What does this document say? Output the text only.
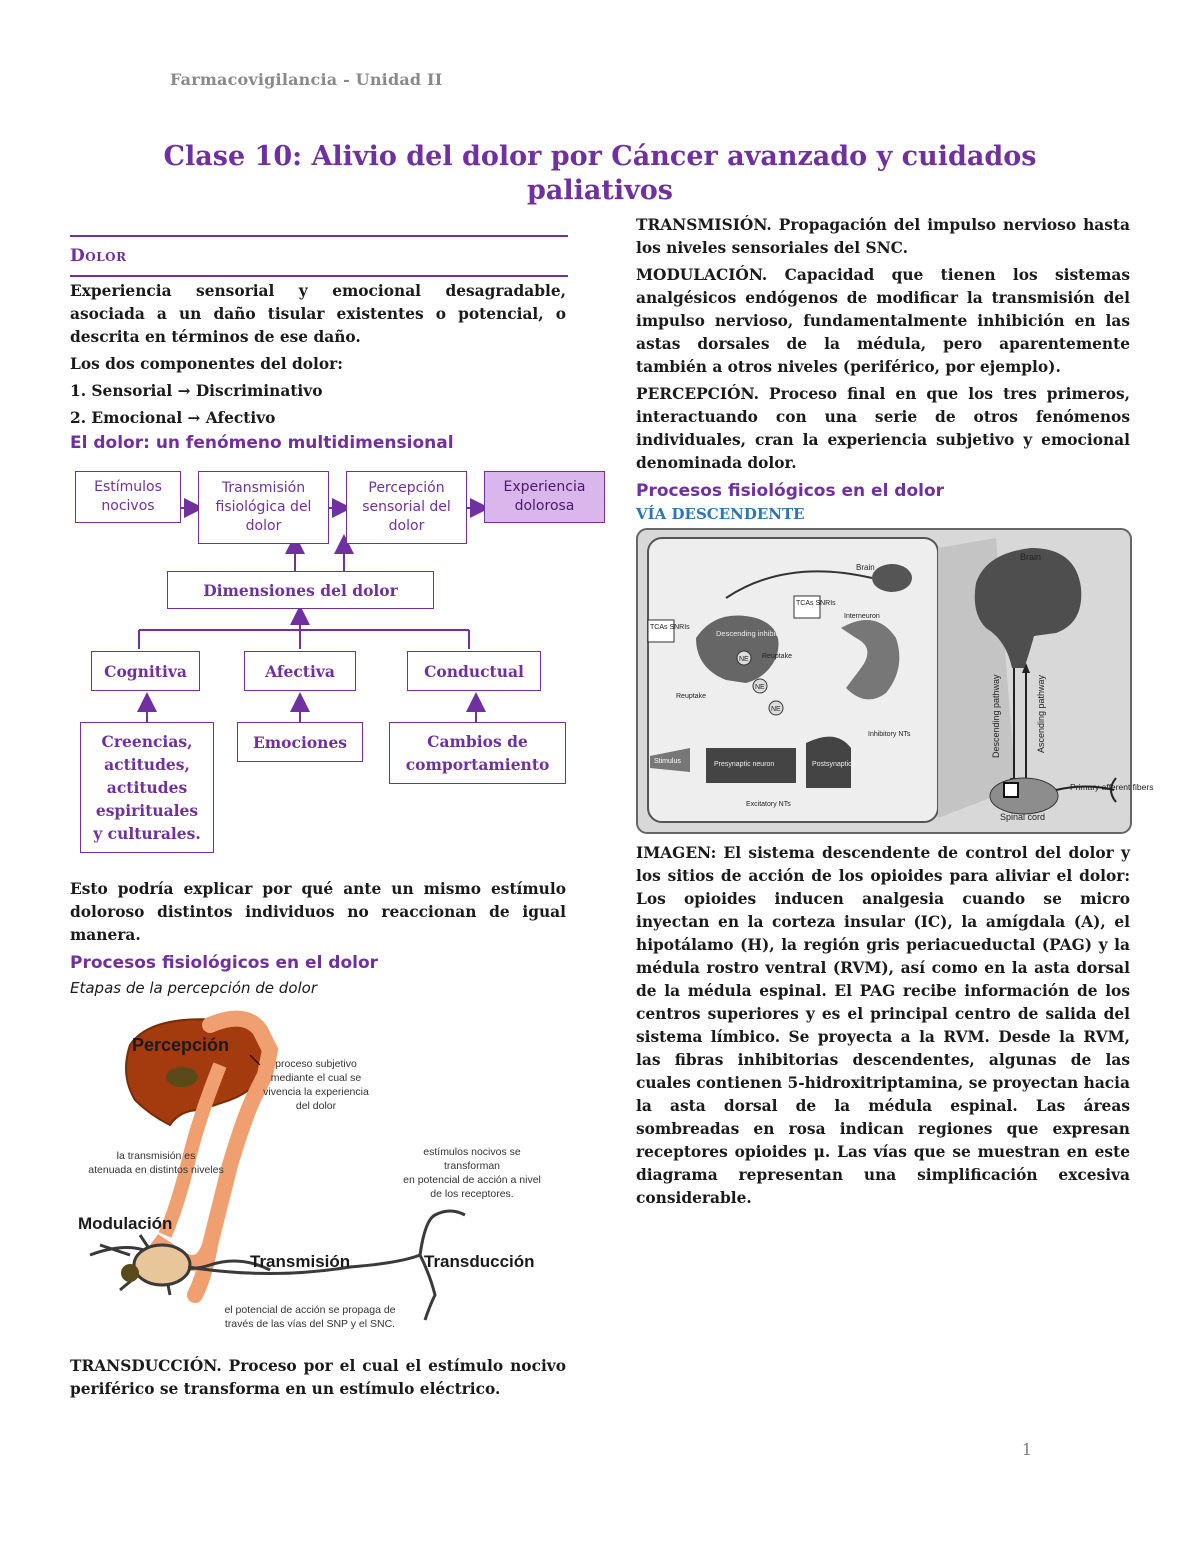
Farmacovigilancia - Unidad II
Clase 10: Alivio del dolor por Cáncer avanzado y cuidados
paliativos
Dolor

Experiencia sensorial y emocional desagradable, asociada a un daño tisular existentes o potencial, o descrita en términos de ese daño.

Los dos componentes del dolor:

1. Sensorial → Discriminativo

2. Emocional → Afectivo

El dolor: un fenómeno multidimensional
Estímulos nocivos
Transmisión fisiológica del dolor
Percepción sensorial del dolor
Experiencia dolorosa
Dimensiones del dolor
Cognitiva	Afectiva	Conductual
Creencias, actitudes, actitudes espirituales y culturales.
Emociones	Cambios de comportamiento
Esto podría explicar por qué ante un mismo estímulo doloroso distintos individuos no reaccionan de igual manera.
Procesos fisiológicos en el dolor
Etapas de la percepción de dolor
Percepción
proceso subjetivo
mediante el cual se
vivencia la experiencia
del dolor
la transmisión es
atenuada en distintos niveles
estímulos nocivos se
transforman
en potencial de acción a nivel
de los receptores.
Modulación
Transmisión	Transducción
el potencial de acción se propaga de
través de las vías del SNP y el SNC.
TRANSDUCCIÓN. Proceso por el cual el estímulo nocivo periférico se transforma en un estímulo eléctrico.

TRANSMISIÓN. Propagación del impulso nervioso hasta los niveles sensoriales del SNC.

MODULACIÓN. Capacidad que tienen los sistemas analgésicos endógenos de modificar la transmisión del impulso nervioso, fundamentalmente inhibición en las astas dorsales de la médula, pero aparentemente también a otros niveles (periférico, por ejemplo).

PERCEPCIÓN. Proceso final en que los tres primeros, interactuando con una serie de otros fenómenos individuales, cran la experiencia subjetivo y emocional denominada dolor.

Procesos fisiológicos en el dolor
VÍA DESCENDENTE
Brain
Descending pathway	Ascending pathway
Spinal cord
Primary afferent fibers
Brain
Descending inhibitory neuron
TCAs SNRIs
TCAs SNRIs
Reuptake
Reuptake
NE
NE
NE
Interneuron
Inhibitory NTs
Presynaptic neuron	Postsynaptic neuron
Stimulus
Excitatory NTs
IMAGEN: El sistema descendente de control del dolor y los sitios de acción de los opioides para aliviar el dolor: Los opioides inducen analgesia cuando se micro inyectan en la corteza insular (IC), la amígdala (A), el hipotálamo (H), la región gris periacueductal (PAG) y la médula rostro ventral (RVM), así como en la asta dorsal de la médula espinal. El PAG recibe información de los centros superiores y es el principal centro de salida del sistema límbico. Se proyecta a la RVM. Desde la RVM, las fibras inhibitorias descendentes, algunas de las cuales contienen 5-hidroxitriptamina, se proyectan hacia la asta dorsal de la médula espinal. Las áreas sombreadas en rosa indican regiones que expresan receptores opioides μ. Las vías que se muestran en este diagrama representan una simplificación excesiva considerable.
1
